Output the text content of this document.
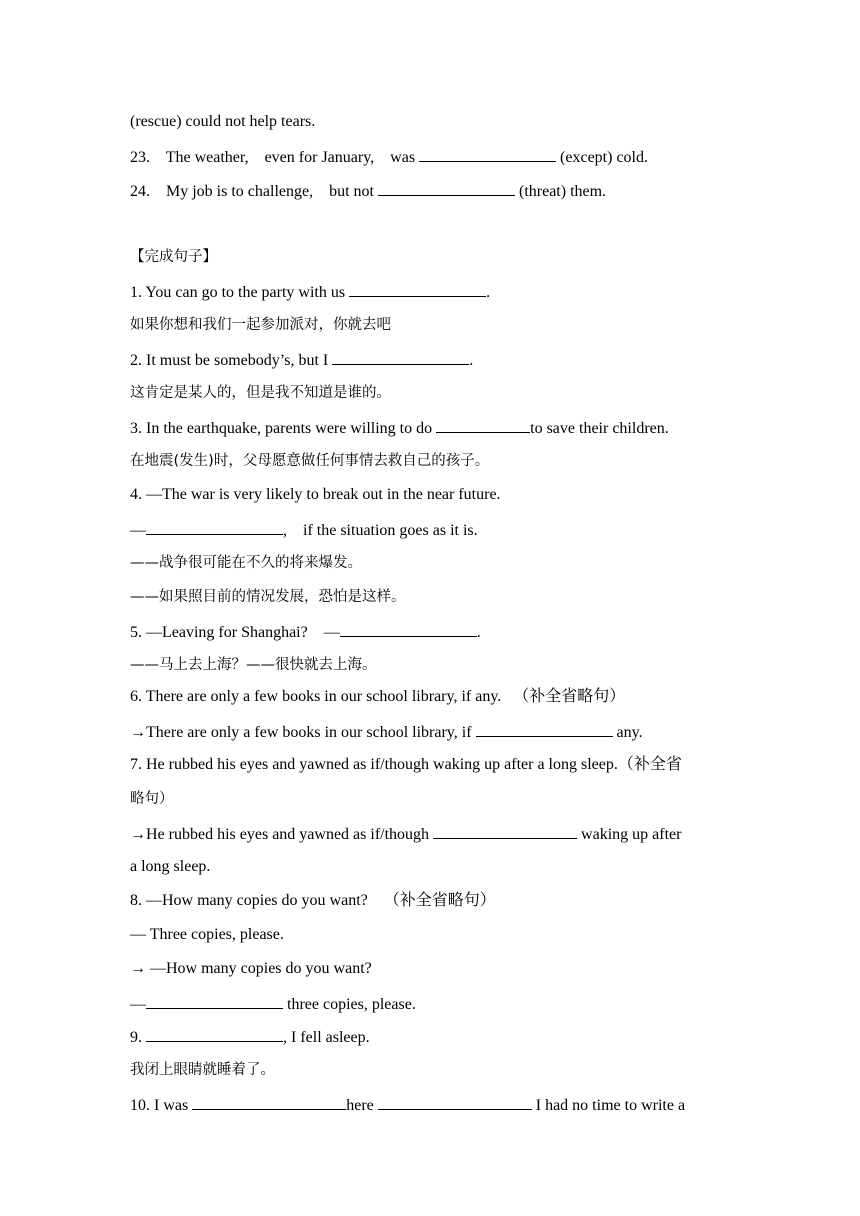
(rescue) could not help tears.
23.    The weather,    even for January,    was	(except) cold.
24.    My job is to challenge,    but not	(threat) them.
【完成句子】
1. You can go to the party with us	.
如果你想和我们一起参加派对，你就去吧
2. It must be somebody’s, but I	.
这肯定是某人的，但是我不知道是谁的。
3. In the earthquake, parents were willing to do	to save their children.
在地震(发生)时，父母愿意做任何事情去救自己的孩子。
4. —The war is very likely to break out in the near future.
—	,    if the situation goes as it is.
——战争很可能在不久的将来爆发。
——如果照目前的情况发展，恐怕是这样。
5. —Leaving for Shanghai?    —	.
——马上去上海？——很快就去上海。
6. There are only a few books in our school library, if any.   （补全省略句）
→There are only a few books in our school library, if	any.
7. He rubbed his eyes and yawned as if/though waking up after a long sleep.（补全省
略句）
→He rubbed his eyes and yawned as if/though	waking up after
a long sleep.
8. —How many copies do you want?    （补全省略句）
— Three copies, please.
→ —How many copies do you want?
—	three copies, please.
9.	, I fell asleep.
我闭上眼睛就睡着了。
10. I was	here	I had no time to write a
